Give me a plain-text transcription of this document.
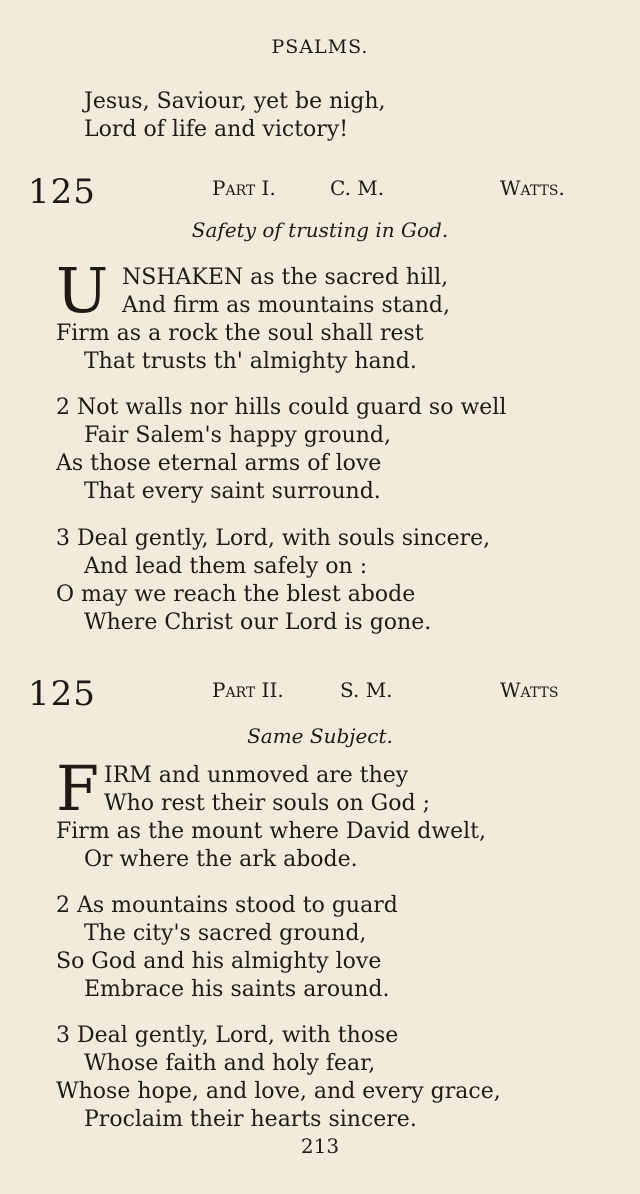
PSALMS.
Jesus, Saviour, yet be nigh,
Lord of life and victory!
125	Part I.	C. M.	Watts.
Safety of trusting in God.
U NSHAKEN as the sacred hill,
And firm as mountains stand,
Firm as a rock the soul shall rest
That trusts th' almighty hand.
2 Not walls nor hills could guard so well
Fair Salem's happy ground,
As those eternal arms of love
That every saint surround.
3 Deal gently, Lord, with souls sincere,
And lead them safely on :
O may we reach the blest abode
Where Christ our Lord is gone.
125	Part II.	S. M.	Watts
Same Subject.
F IRM and unmoved are they
Who rest their souls on God ;
Firm as the mount where David dwelt,
Or where the ark abode.
2 As mountains stood to guard
The city's sacred ground,
So God and his almighty love
Embrace his saints around.
3 Deal gently, Lord, with those
Whose faith and holy fear,
Whose hope, and love, and every grace,
Proclaim their hearts sincere.
213
